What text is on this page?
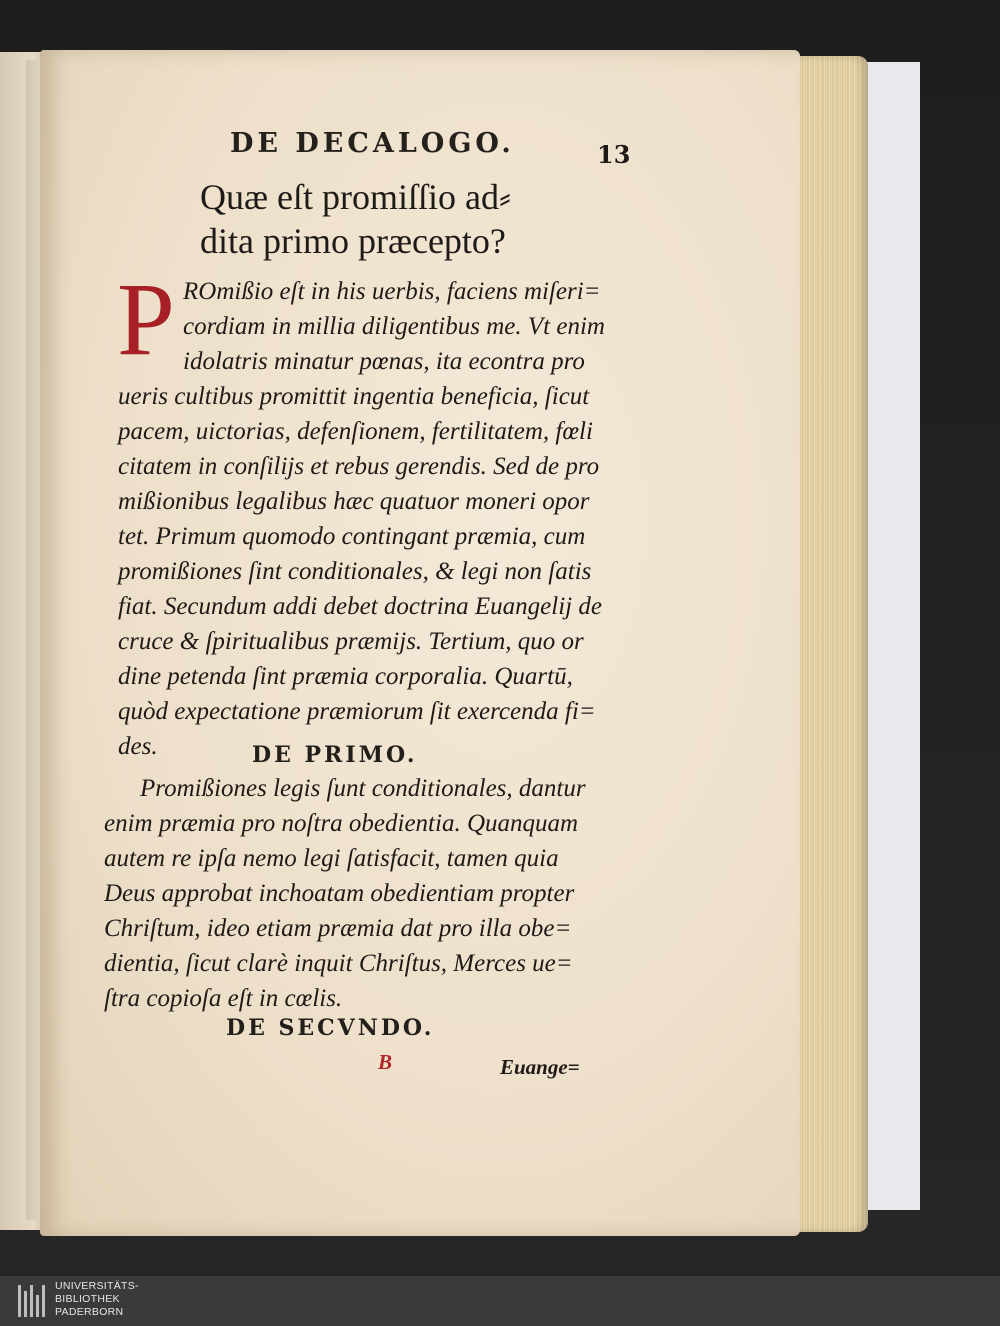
DE DECALOGO.	13
Quæ eſt promiſſio ad⸗
dita primo præcepto?
P ROmißio eſt in his uerbis, faciens miſeri=
cordiam in millia diligentibus me. Vt enim
idolatris minatur pœnas, ita econtra pro
ueris cultibus promittit ingentia beneficia, ſicut
pacem, uictorias, defenſionem, fertilitatem, fœli
citatem in conſilijs et rebus gerendis. Sed de pro
mißionibus legalibus hæc quatuor moneri opor
tet. Primum quomodo contingant præmia, cum
promißiones ſint conditionales, & legi non ſatis
fiat. Secundum addi debet doctrina Euangelij de
cruce & ſpiritualibus præmijs. Tertium, quo or
dine petenda ſint præmia corporalia. Quartū,
quòd expectatione præmiorum ſit exercenda fi=
des.	DE PRIMO.
Promißiones legis ſunt conditionales, dantur
enim præmia pro noſtra obedientia. Quanquam
autem re ipſa nemo legi ſatisfacit, tamen quia
Deus approbat inchoatam obedientiam propter
Chriſtum, ideo etiam præmia dat pro illa obe=
dientia, ſicut clarè inquit Chriſtus, Merces ue=
ſtra copioſa eſt in cœlis.
DE SECVNDO.
B	Euange=
UNIVERSITÄTS-
BIBLIOTHEK
PADERBORN
